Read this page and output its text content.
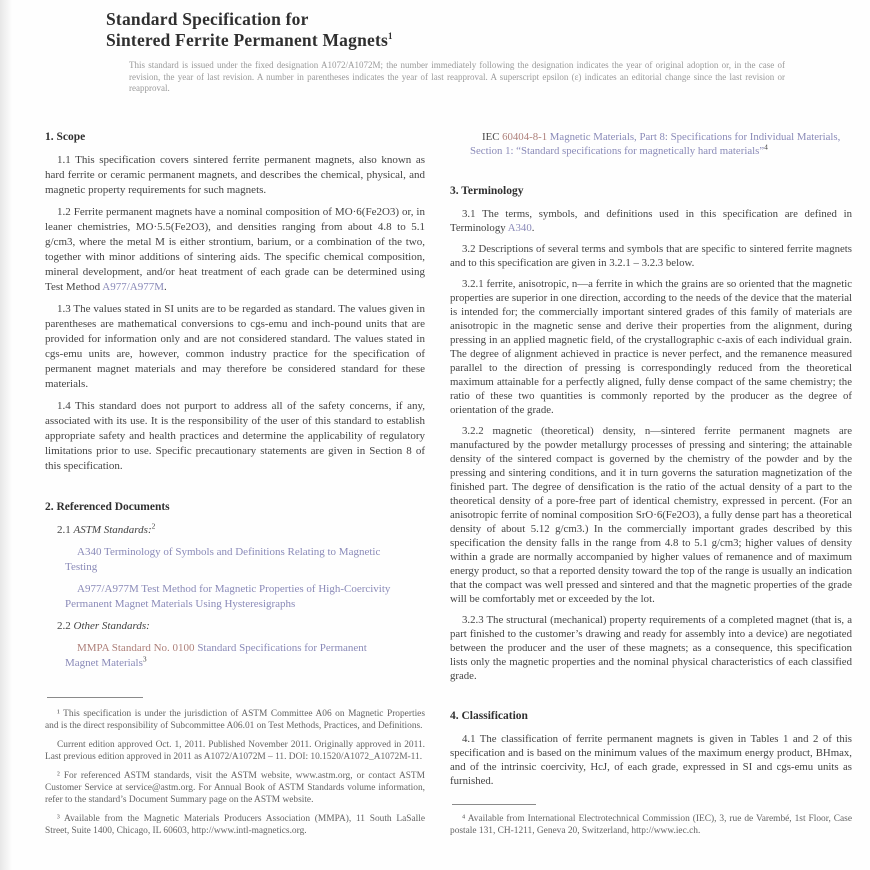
Standard Specification for
Sintered Ferrite Permanent Magnets$^1$

This standard is issued under the fixed designation A1072/A1072M; the number immediately following the designation indicates the year of original adoption or, in the case of revision, the year of last revision. A number in parentheses indicates the year of last reapproval. A superscript epsilon (ε) indicates an editorial change since the last revision or reapproval.

1. Scope

1.1 This specification covers sintered ferrite permanent magnets, also known as hard ferrite or ceramic permanent magnets, and describes the chemical, physical, and magnetic property requirements for such magnets.

1.2 Ferrite permanent magnets have a nominal composition of MO·6(Fe2O3) or, in leaner chemistries, MO·5.5(Fe2O3), and densities ranging from about 4.8 to 5.1 g/cm3, where the metal M is either strontium, barium, or a combination of the two, together with minor additions of sintering aids. The specific chemical composition, mineral development, and/or heat treatment of each grade can be determined using Test Method A977/A977M.

1.3 The values stated in SI units are to be regarded as standard. The values given in parentheses are mathematical conversions to cgs-emu and inch-pound units that are provided for information only and are not considered standard. The values stated in cgs-emu units are, however, common industry practice for the specification of permanent magnet materials and may therefore be considered standard for these materials.

1.4 This standard does not purport to address all of the safety concerns, if any, associated with its use. It is the responsibility of the user of this standard to establish appropriate safety and health practices and determine the applicability of regulatory limitations prior to use. Specific precautionary statements are given in Section 8 of this specification.

2. Referenced Documents

2.1 ASTM Standards:$^2$

A340 Terminology of Symbols and Definitions Relating to Magnetic Testing

A977/A977M Test Method for Magnetic Properties of High-Coercivity Permanent Magnet Materials Using Hysteresigraphs

2.2 Other Standards:

MMPA Standard No. 0100 Standard Specifications for Permanent Magnet Materials$^3$

¹ This specification is under the jurisdiction of ASTM Committee A06 on Magnetic Properties and is the direct responsibility of Subcommittee A06.01 on Test Methods, Practices, and Definitions.

Current edition approved Oct. 1, 2011. Published November 2011. Originally approved in 2011. Last previous edition approved in 2011 as A1072/A1072M – 11. DOI: 10.1520/A1072_A1072M-11.

² For referenced ASTM standards, visit the ASTM website, www.astm.org, or contact ASTM Customer Service at service@astm.org. For Annual Book of ASTM Standards volume information, refer to the standard’s Document Summary page on the ASTM website.

³ Available from the Magnetic Materials Producers Association (MMPA), 11 South LaSalle Street, Suite 1400, Chicago, IL 60603, http://www.intl-magnetics.org.

IEC 60404-8-1 Magnetic Materials, Part 8: Specifications for Individual Materials, Section 1: “Standard specifications for magnetically hard materials”$^4$

3. Terminology

3.1 The terms, symbols, and definitions used in this specification are defined in Terminology A340.

3.2 Descriptions of several terms and symbols that are specific to sintered ferrite magnets and to this specification are given in 3.2.1 – 3.2.3 below.

3.2.1 ferrite, anisotropic, n—a ferrite in which the grains are so oriented that the magnetic properties are superior in one direction, according to the needs of the device that the material is intended for; the commercially important sintered grades of this family of materials are anisotropic in the magnetic sense and derive their properties from the alignment, during pressing in an applied magnetic field, of the crystallographic c-axis of each individual grain. The degree of alignment achieved in practice is never perfect, and the remanence measured parallel to the direction of pressing is correspondingly reduced from the theoretical maximum attainable for a perfectly aligned, fully dense compact of the same chemistry; the ratio of these two quantities is commonly reported by the producer as the degree of orientation of the grade.

3.2.2 magnetic (theoretical) density, n—sintered ferrite permanent magnets are manufactured by the powder metallurgy processes of pressing and sintering; the attainable density of the sintered compact is governed by the chemistry of the powder and by the pressing and sintering conditions, and it in turn governs the saturation magnetization of the finished part. The degree of densification is the ratio of the actual density of a part to the theoretical density of a pore-free part of identical chemistry, expressed in percent. (For an anisotropic ferrite of nominal composition SrO·6(Fe2O3), a fully dense part has a theoretical density of about 5.12 g/cm3.) In the commercially important grades described by this specification the density falls in the range from 4.8 to 5.1 g/cm3; higher values of density within a grade are normally accompanied by higher values of remanence and of maximum energy product, so that a reported density toward the top of the range is usually an indication that the compact was well pressed and sintered and that the magnetic properties of the grade will be comfortably met or exceeded by the lot.

3.2.3 The structural (mechanical) property requirements of a completed magnet (that is, a part finished to the customer’s drawing and ready for assembly into a device) are negotiated between the producer and the user of these magnets; as a consequence, this specification lists only the magnetic properties and the nominal physical characteristics of each classified grade.

4. Classification

4.1 The classification of ferrite permanent magnets is given in Tables 1 and 2 of this specification and is based on the minimum values of the maximum energy product, BHmax, and of the intrinsic coercivity, HcJ, of each grade, expressed in SI and cgs-emu units as furnished.

⁴ Available from International Electrotechnical Commission (IEC), 3, rue de Varembé, 1st Floor, Case postale 131, CH-1211, Geneva 20, Switzerland, http://www.iec.ch.
